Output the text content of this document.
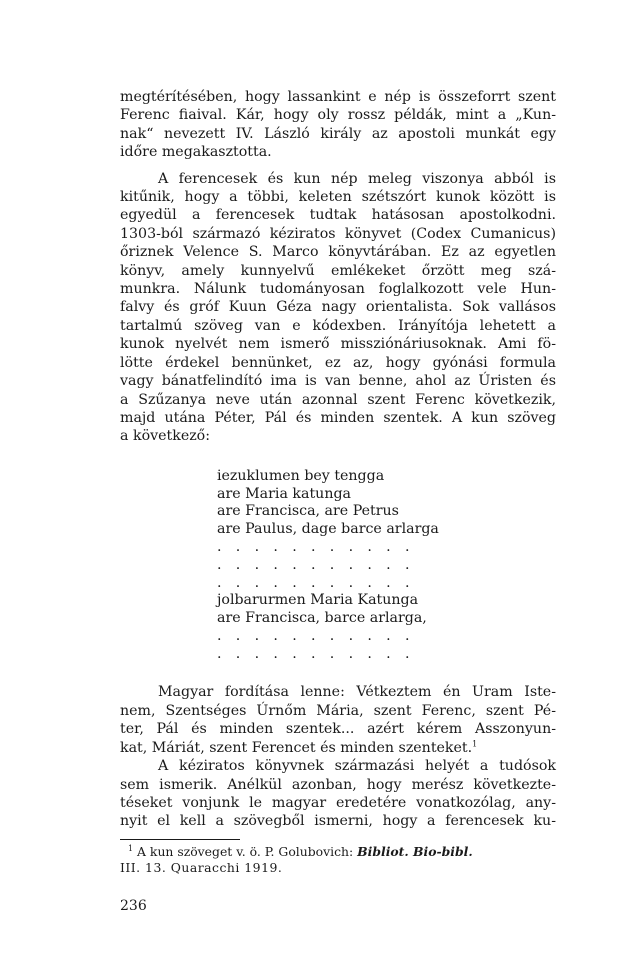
megtérítésében, hogy lassankint e nép is összeforrt szent

Ferenc fiaival. Kár, hogy oly rossz példák, mint a „Kun-

nak“ nevezett IV. László király az apostoli munkát egy

időre megakasztotta.

A ferencesek és kun nép meleg viszonya abból is

kitűnik, hogy a többi, keleten szétszórt kunok között is

egyedül a ferencesek tudtak hatásosan apostolkodni.

1303-ból származó kéziratos könyvet (Codex Cumanicus)

őriznek Velence S. Marco könyvtárában. Ez az egyetlen

könyv, amely kunnyelvű emlékeket őrzött meg szá-

munkra. Nálunk tudományosan foglalkozott vele Hun-

falvy és gróf Kuun Géza nagy orientalista. Sok vallásos

tartalmú szöveg van e kódexben. Irányítója lehetett a

kunok nyelvét nem ismerő missziónáriusoknak. Ami fö-

lötte érdekel bennünket, ez az, hogy gyónási formula

vagy bánatfelindító ima is van benne, ahol az Úristen és

a Szűzanya neve után azonnal szent Ferenc következik,

majd utána Péter, Pál és minden szentek. A kun szöveg

a következő:

iezuklumen bey tengga
are Maria katunga
are Francisca, are Petrus
are Paulus, dage barce arlarga
. . . . . . . . . . .
. . . . . . . . . . .
. . . . . . . . . . .
jolbarurmen Maria Katunga
are Francisca, barce arlarga,
. . . . . . . . . . .
. . . . . . . . . . .

Magyar fordítása lenne: Vétkeztem én Uram Iste-

nem, Szentséges Úrnőm Mária, szent Ferenc, szent Pé-

ter, Pál és minden szentek... azért kérem Asszonyun-

kat, Máriát, szent Ferencet és minden szenteket.$^1$

A kéziratos könyvnek származási helyét a tudósok

sem ismerik. Anélkül azonban, hogy merész következte-

téseket vonjunk le magyar eredetére vonatkozólag, any-

nyit el kell a szövegből ismerni, hogy a ferencesek ku-

$^1$ A kun szöveget v. ö. P. Golubovich: Bibliot. Bio-bibl.
III. 13. Quaracchi 1919.
236
